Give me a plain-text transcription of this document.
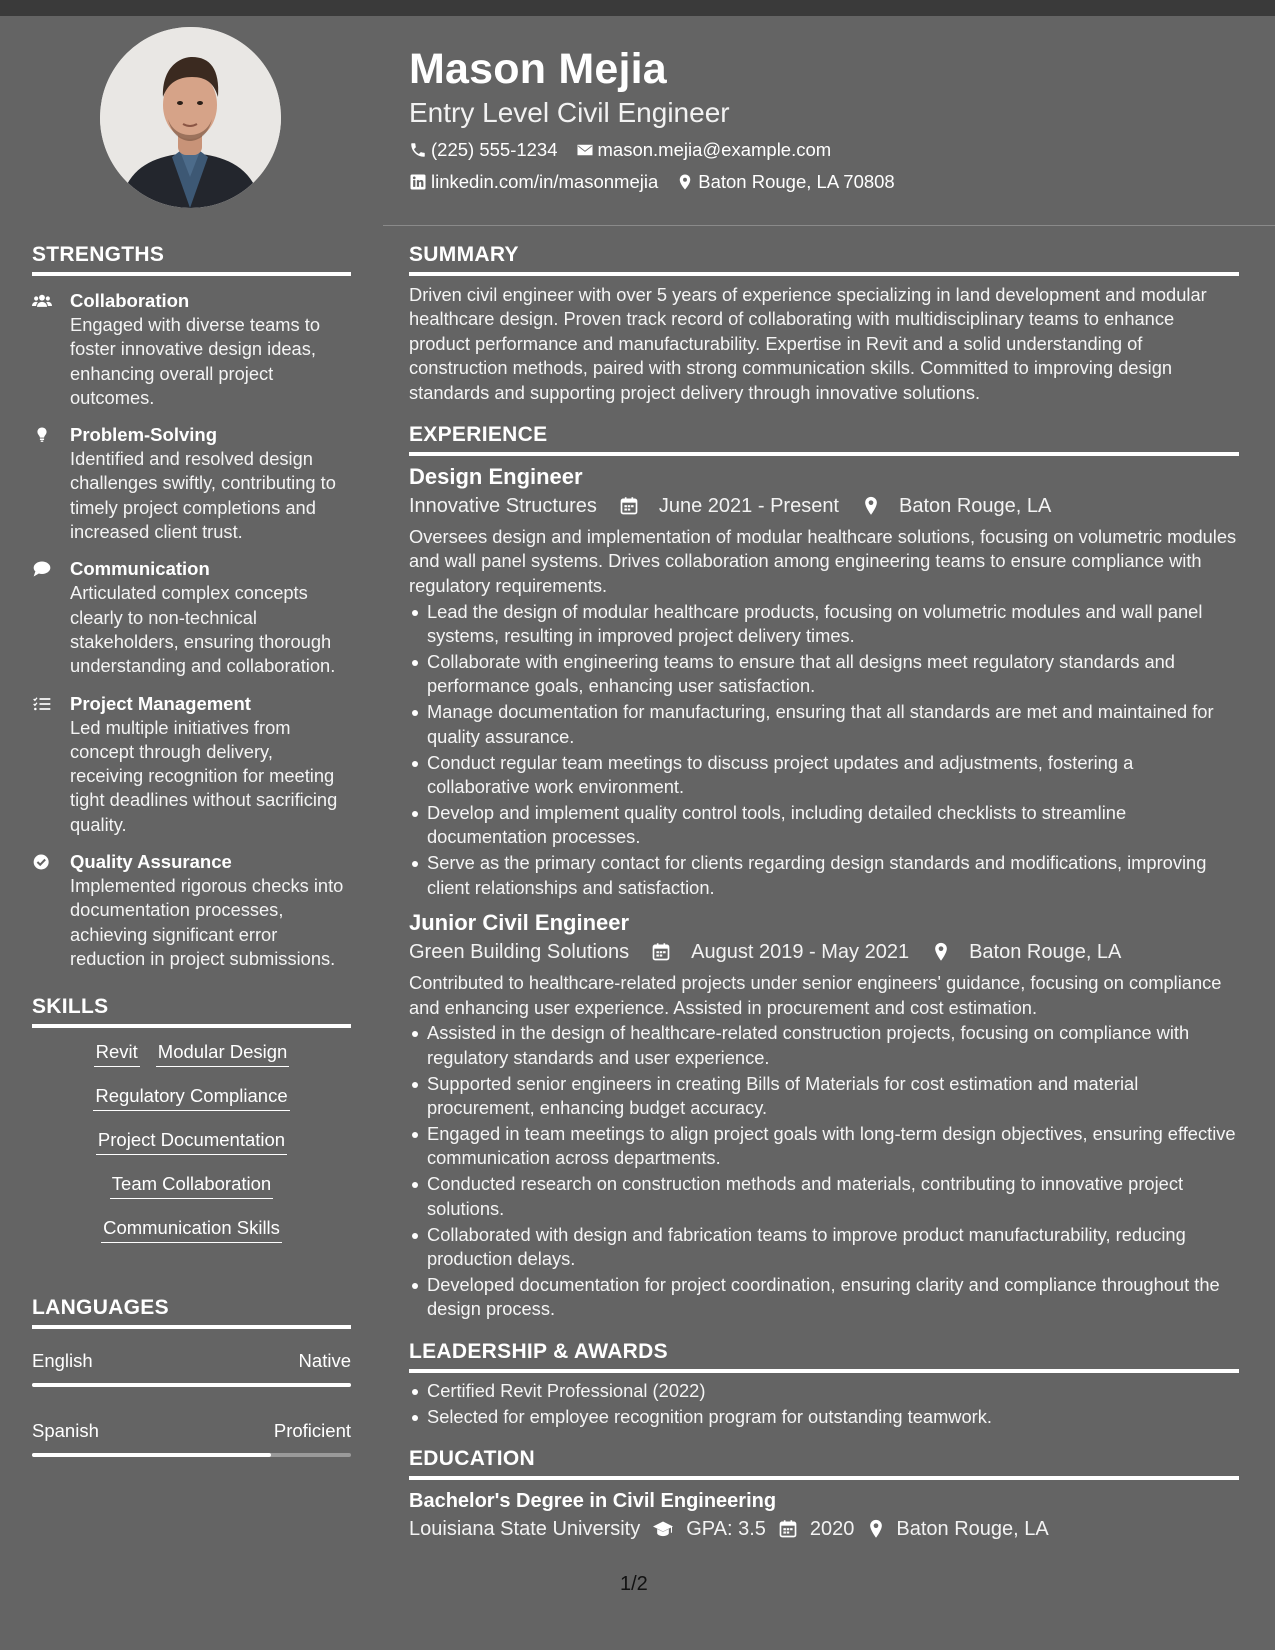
Mason Mejia
Entry Level Civil Engineer
(225) 555-1234 mason.mejia@example.com
linkedin.com/in/masonmejia Baton Rouge, LA 70808
STRENGTHS
Collaboration
Engaged with diverse teams to foster innovative design ideas, enhancing overall project outcomes.
Problem-Solving
Identified and resolved design challenges swiftly, contributing to timely project completions and increased client trust.
Communication
Articulated complex concepts clearly to non-technical stakeholders, ensuring thorough understanding and collaboration.
Project Management
Led multiple initiatives from concept through delivery, receiving recognition for meeting tight deadlines without sacrificing quality.
Quality Assurance
Implemented rigorous checks into documentation processes, achieving significant error reduction in project submissions.
SKILLS
Revit Modular Design
Regulatory Compliance
Project Documentation
Team Collaboration
Communication Skills
LANGUAGES
English	Native
Spanish	Proficient
SUMMARY
Driven civil engineer with over 5 years of experience specializing in land development and modular healthcare design. Proven track record of collaborating with multidisciplinary teams to enhance product performance and manufacturability. Expertise in Revit and a solid understanding of construction methods, paired with strong communication skills. Committed to improving design standards and supporting project delivery through innovative solutions.
EXPERIENCE
Design Engineer
Innovative Structures	June 2021 - Present	Baton Rouge, LA
Oversees design and implementation of modular healthcare solutions, focusing on volumetric modules and wall panel systems. Drives collaboration among engineering teams to ensure compliance with regulatory requirements.
Lead the design of modular healthcare products, focusing on volumetric modules and wall panel systems, resulting in improved project delivery times.
Collaborate with engineering teams to ensure that all designs meet regulatory standards and performance goals, enhancing user satisfaction.
Manage documentation for manufacturing, ensuring that all standards are met and maintained for quality assurance.
Conduct regular team meetings to discuss project updates and adjustments, fostering a collaborative work environment.
Develop and implement quality control tools, including detailed checklists to streamline documentation processes.
Serve as the primary contact for clients regarding design standards and modifications, improving client relationships and satisfaction.
Junior Civil Engineer
Green Building Solutions	August 2019 - May 2021	Baton Rouge, LA
Contributed to healthcare-related projects under senior engineers' guidance, focusing on compliance and enhancing user experience. Assisted in procurement and cost estimation.
Assisted in the design of healthcare-related construction projects, focusing on compliance with regulatory standards and user experience.
Supported senior engineers in creating Bills of Materials for cost estimation and material procurement, enhancing budget accuracy.
Engaged in team meetings to align project goals with long-term design objectives, ensuring effective communication across departments.
Conducted research on construction methods and materials, contributing to innovative project solutions.
Collaborated with design and fabrication teams to improve product manufacturability, reducing production delays.
Developed documentation for project coordination, ensuring clarity and compliance throughout the design process.
LEADERSHIP & AWARDS
Certified Revit Professional (2022)
Selected for employee recognition program for outstanding teamwork.
EDUCATION
Bachelor's Degree in Civil Engineering
Louisiana State University GPA: 3.5 2020 Baton Rouge, LA
1/2
